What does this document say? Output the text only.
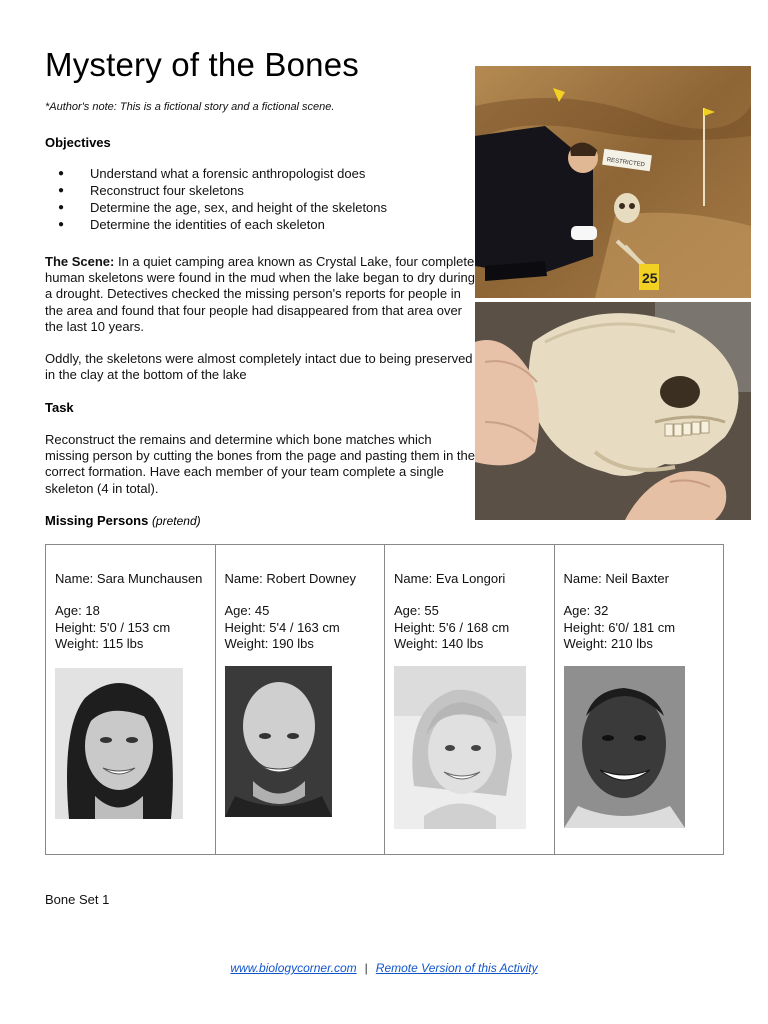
Mystery of the Bones

*Author's note: This is a fictional story and a fictional scene.

Objectives
● Understand what a forensic anthropologist does
● Reconstruct four skeletons
● Determine the age, sex, and height of the skeletons
● Determine the identities of each skeleton

The Scene: In a quiet camping area known as Crystal Lake, four complete human skeletons were found in the mud when the lake began to dry during a drought. Detectives checked the missing person's reports for people in the area and found that four people had disappeared from that area over the last 10 years.

Oddly, the skeletons were almost completely intact due to being preserved in the clay at the bottom of the lake

Task

Reconstruct the remains and determine which bone matches which missing person by cutting the bones from the page and pasting them in the correct formation. Have each member of your team complete a single skeleton (4 in total).

Missing Persons (pretend)
RESTRICTED
25
Name: Sara Munchausen
Age: 18
Height: 5'0 / 153 cm
Weight: 115 lbs
Name: Robert Downey
Age: 45
Height: 5'4 / 163 cm
Weight: 190 lbs
Name: Eva Longori
Age: 55
Height: 5'6 / 168 cm
Weight: 140 lbs
Name: Neil Baxter
Age: 32
Height: 6'0/ 181 cm
Weight: 210 lbs
Bone Set 1
www.biologycorner.com | Remote Version of this Activity
